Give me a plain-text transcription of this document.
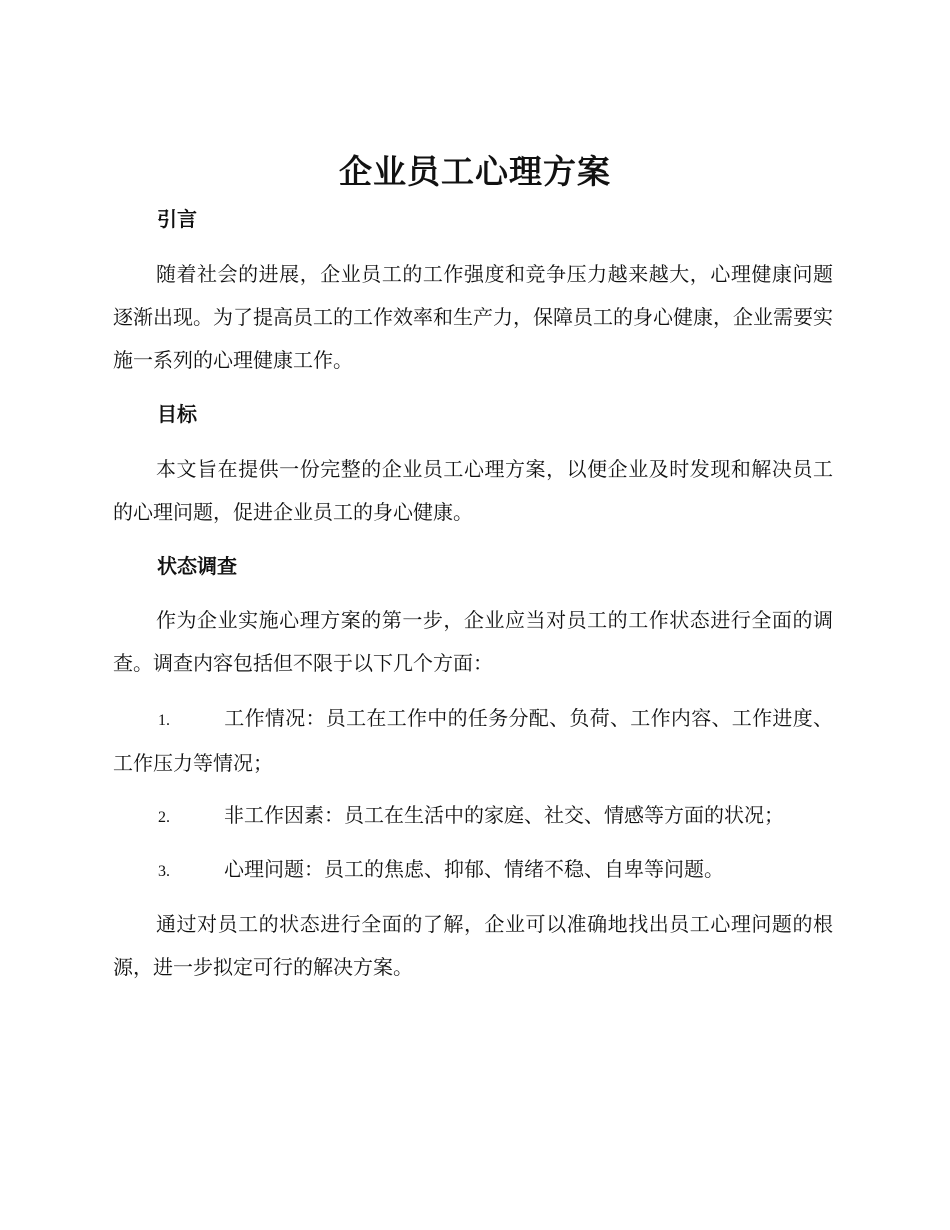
企业员工心理方案
引言

随着社会的进展，企业员工的工作强度和竞争压力越来越大，心理健康问题逐渐出现。为了提高员工的工作效率和生产力，保障员工的身心健康，企业需要实施一系列的心理健康工作。

目标

本文旨在提供一份完整的企业员工心理方案，以便企业及时发现和解决员工的心理问题，促进企业员工的身心健康。

状态调查

作为企业实施心理方案的第一步，企业应当对员工的工作状态进行全面的调查。调查内容包括但不限于以下几个方面：

1.	工作情况：员工在工作中的任务分配、负荷、工作内容、工作进度、工作压力等情况；

2.	非工作因素：员工在生活中的家庭、社交、情感等方面的状况；

3.	心理问题：员工的焦虑、抑郁、情绪不稳、自卑等问题。

通过对员工的状态进行全面的了解，企业可以准确地找出员工心理问题的根源，进一步拟定可行的解决方案。
